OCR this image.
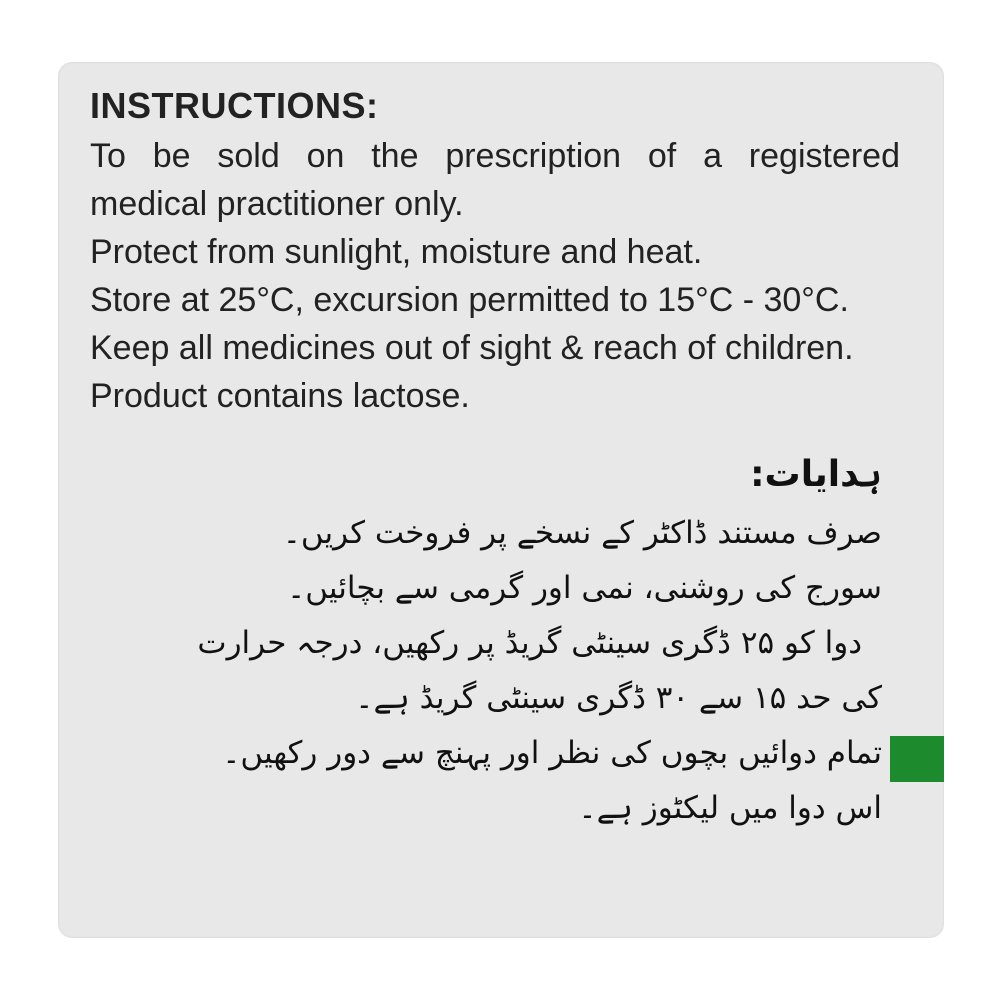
INSTRUCTIONS:
To be sold on the prescription of a registered
medical practitioner only.
Protect from sunlight, moisture and heat.
Store at 25°C, excursion permitted to 15°C - 30°C.
Keep all medicines out of sight & reach of children.
Product contains lactose.
ہدایات:
صرف مستند ڈاکٹر کے نسخے پر فروخت کریں۔
سورج کی روشنی، نمی اور گرمی سے بچائیں۔
دوا کو ۲۵ ڈگری سینٹی گریڈ پر رکھیں، درجہ حرارت
کی حد ۱۵ سے ۳۰ ڈگری سینٹی گریڈ ہے۔
تمام دوائیں بچوں کی نظر اور پہنچ سے دور رکھیں۔
اس دوا میں لیکٹوز ہے۔
